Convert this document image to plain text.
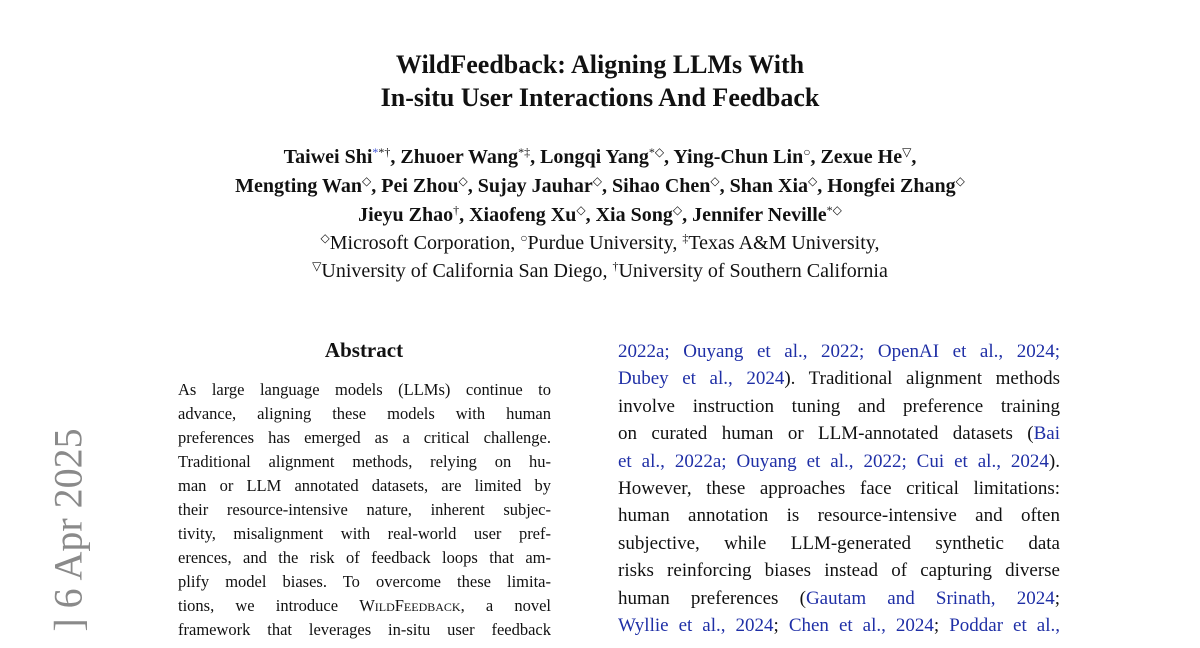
WildFeedback: Aligning LLMs With
In-situ User Interactions And Feedback
Taiwei Shi**†, Zhuoer Wang*‡, Longqi Yang*◇, Ying-Chun Lin○, Zexue He▽,
Mengting Wan◇, Pei Zhou◇, Sujay Jauhar◇, Sihao Chen◇, Shan Xia◇, Hongfei Zhang◇
Jieyu Zhao†, Xiaofeng Xu◇, Xia Song◇, Jennifer Neville*◇
◇Microsoft Corporation, ○Purdue University, ‡Texas A&M University,
▽University of California San Diego, †University of Southern California
Abstract
As large language models (LLMs) continue to
advance, aligning these models with human
preferences has emerged as a critical challenge.
Traditional alignment methods, relying on hu-
man or LLM annotated datasets, are limited by
their resource-intensive nature, inherent subjec-
tivity, misalignment with real-world user pref-
erences, and the risk of feedback loops that am-
plify model biases. To overcome these limita-
tions, we introduce WildFeedback, a novel
framework that leverages in-situ user feedback
2022a; Ouyang et al., 2022; OpenAI et al., 2024;
Dubey et al., 2024). Traditional alignment methods
involve instruction tuning and preference training
on curated human or LLM-annotated datasets (Bai
et al., 2022a; Ouyang et al., 2022; Cui et al., 2024).
However, these approaches face critical limitations:
human annotation is resource-intensive and often
subjective, while LLM-generated synthetic data
risks reinforcing biases instead of capturing diverse
human preferences (Gautam and Srinath, 2024;
Wyllie et al., 2024; Chen et al., 2024; Poddar et al.,
] 6 Apr 2025
